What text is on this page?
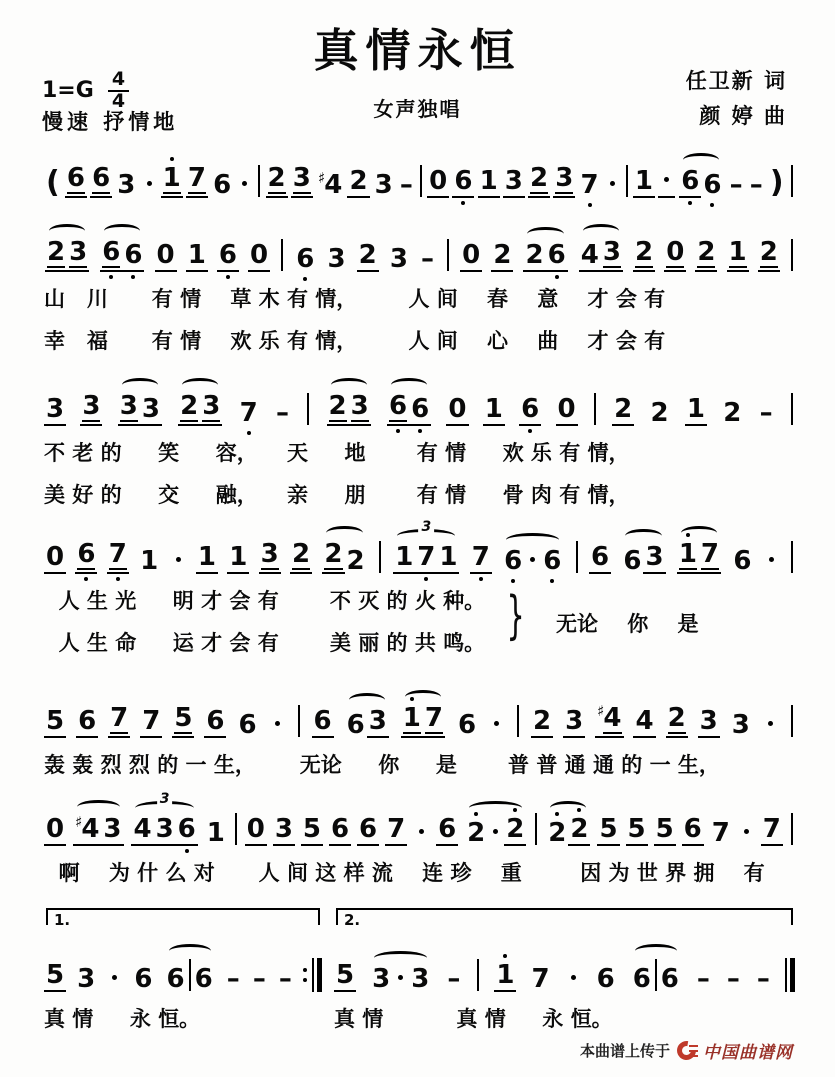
真情永恒
$1=G \frac{4}{4}$
慢速 抒情地
女声独唱
任卫新 词
颜 婷 曲
( 6 6 3 1 7 6 2 3 ♯4 2 3 – 0 6 1 3 2 3 7 1 6 6 – – )
2 3 6 6 0 1 6 0 6 3 2 3 – 0 2 2 6 4 3 2 0 2 1 2
山   川      有 情    草 木 有 情，       人 间    春    意    才 会 有
幸   福      有 情    欢 乐 有 情，       人 间    心    曲    才 会 有
3 3 3 3 2 3 7 – 2 3 6 6 0 1 6 0 2 2 1 2 –
不 老 的     笑     容，    天     地       有 情     欢 乐 有 情，
美 好 的     交     融，    亲     朋       有 情     骨 肉 有 情，
0 6 7 1 1 1 3 2 2 2
3
1 7 1 7 6 6 6 6 3 1 7 6
人 生 光     明 才 会 有       不 灭 的 火 种。
人 生 命     运 才 会 有       美 丽 的 共 鸣。 } 无论    你    是
5 6 7 7 5 6 6 6 6 3 1 7 6 2 3 ♯4 4 2 3 3
轰 轰 烈 烈 的 一 生，      无论     你     是       普 普 通 通 的 一 生，
0 ♯4 3
3
4 3 6 1 0 3 5 6 6 7 6 2 2 2 2 5 5 5 6 7 7
啊    为 什 么 对      人 间 这 样 流    连 珍    重        因 为 世 界 拥    有
1.
5 3 6 6 6 – – –
真 情     永 恒。
2.
5 3 3 – 1 7 6 6 6 – – –
真 情          真 情     永 恒。
本曲谱上传于 中国曲谱网
